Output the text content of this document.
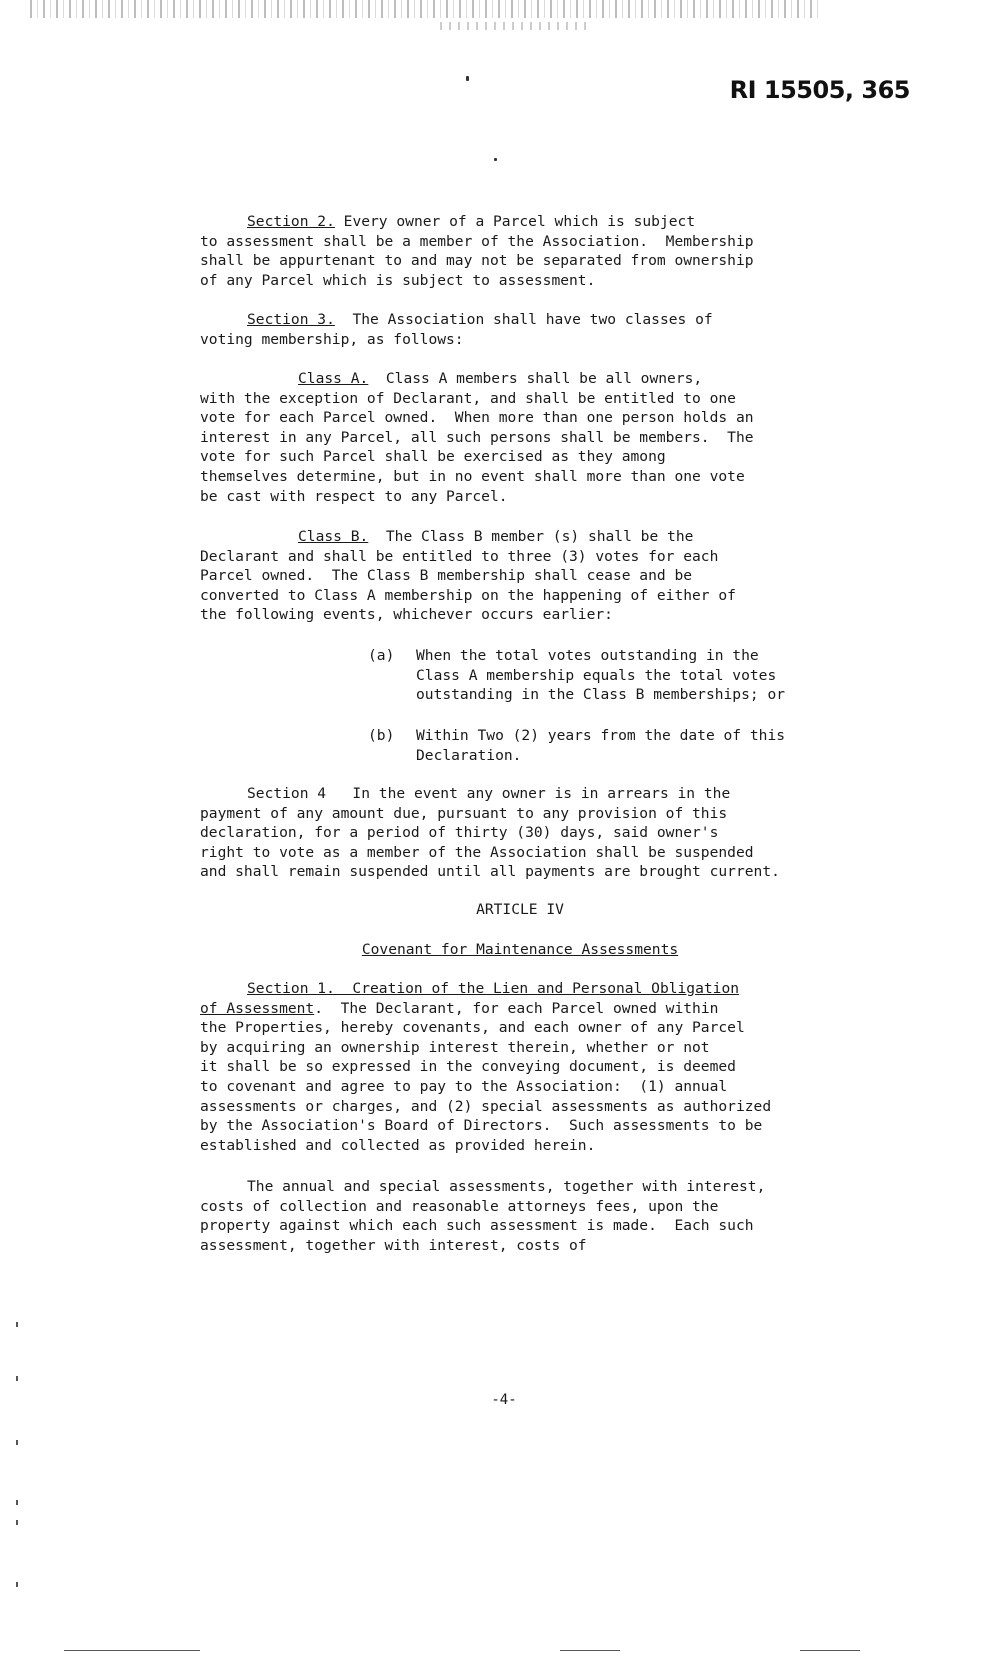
RI 15505, 365
Section 2. Every owner of a Parcel which is subject
to assessment shall be a member of the Association.  Membership
shall be appurtenant to and may not be separated from ownership
of any Parcel which is subject to assessment.
Section 3.  The Association shall have two classes of
voting membership, as follows:
Class A.  Class A members shall be all owners,
with the exception of Declarant, and shall be entitled to one
vote for each Parcel owned.  When more than one person holds an
interest in any Parcel, all such persons shall be members.  The
vote for such Parcel shall be exercised as they among
themselves determine, but in no event shall more than one vote
be cast with respect to any Parcel.
Class B.  The Class B member (s) shall be the
Declarant and shall be entitled to three (3) votes for each
Parcel owned.  The Class B membership shall cease and be
converted to Class A membership on the happening of either of
the following events, whichever occurs earlier:
(a) When the total votes outstanding in the
Class A membership equals the total votes
outstanding in the Class B memberships; or
(b) Within Two (2) years from the date of this
Declaration.
Section 4   In the event any owner is in arrears in the
payment of any amount due, pursuant to any provision of this
declaration, for a period of thirty (30) days, said owner's
right to vote as a member of the Association shall be suspended
and shall remain suspended until all payments are brought current.
ARTICLE IV
Covenant for Maintenance Assessments
Section 1.  Creation of the Lien and Personal Obligation
of Assessment.  The Declarant, for each Parcel owned within
the Properties, hereby covenants, and each owner of any Parcel
by acquiring an ownership interest therein, whether or not
it shall be so expressed in the conveying document, is deemed
to covenant and agree to pay to the Association:  (1) annual
assessments or charges, and (2) special assessments as authorized
by the Association's Board of Directors.  Such assessments to be
established and collected as provided herein.
The annual and special assessments, together with interest,
costs of collection and reasonable attorneys fees, upon the
property against which each such assessment is made.  Each such
assessment, together with interest, costs of
-4-
